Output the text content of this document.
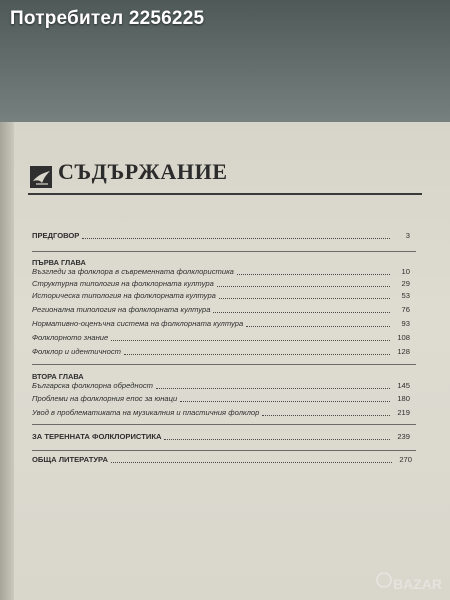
Потребител 2256225
СЪДЪРЖАНИЕ
ПРЕДГОВОР	3
ПЪРВА ГЛАВА
Възгледи за фолклора в съвременната фолклористика	10
Структурна типология на фолклорната култура	29
Историческа типология на фолклорната култура	53
Регионална типология на фолклорната култура	76
Нормативно-оценъчна система на фолклорната култура	93
Фолклорното знание	108
Фолклор и идентичност	128
ВТОРА ГЛАВА
Българска фолклорна обредност	145
Проблеми на фолклорния епос за юнаци	180
Увод в проблематиката на музикалния и пластичния фолклор	219
ЗА ТЕРЕННАТА ФОЛКЛОРИСТИКА	239
ОБЩА ЛИТЕРАТУРА	270
BAZAR
